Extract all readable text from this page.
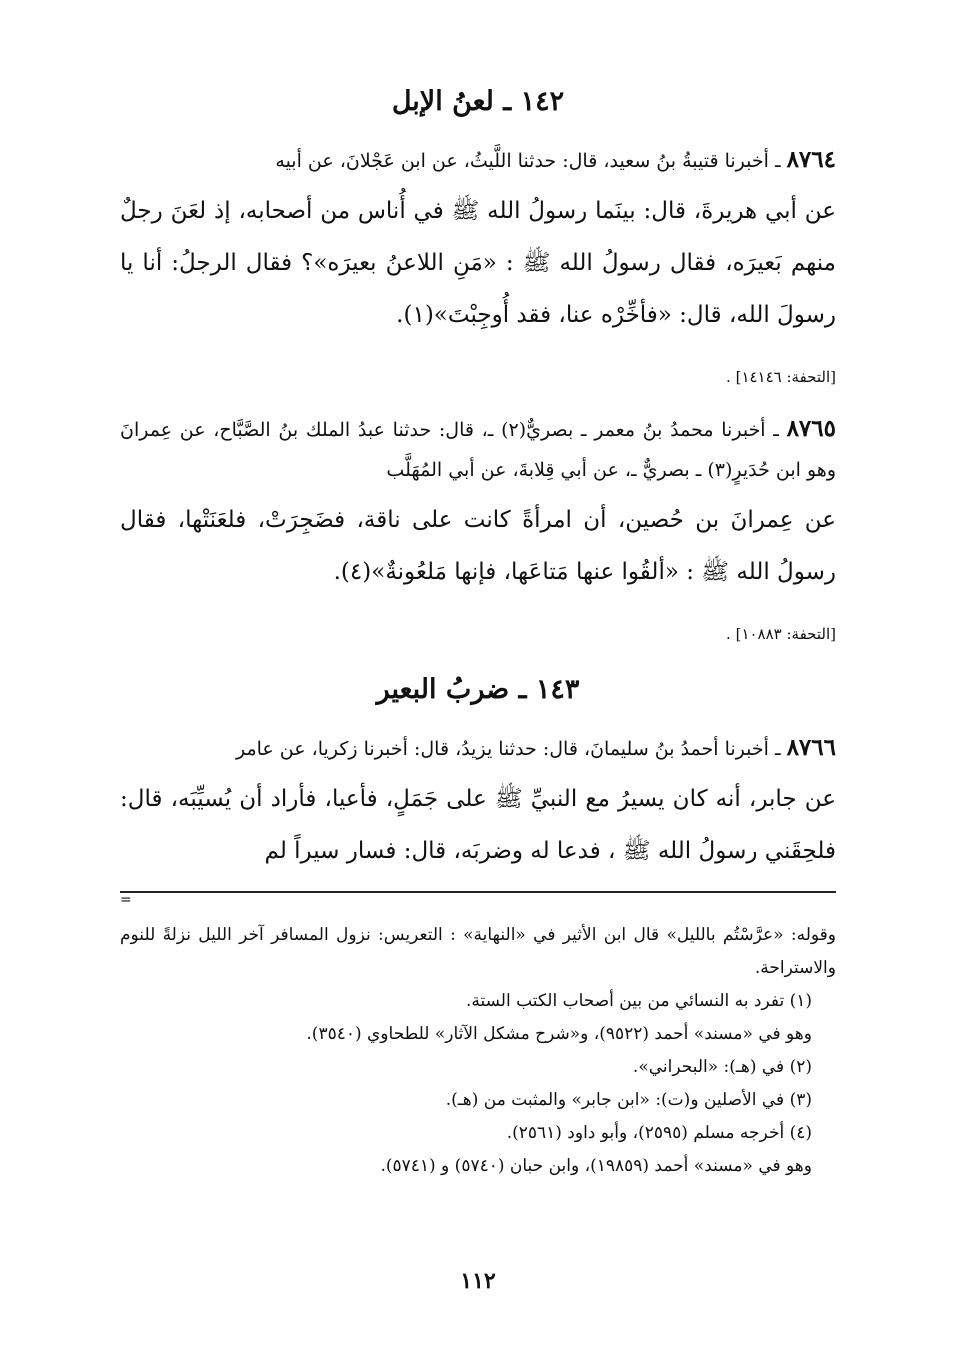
١٤٢ ـ لعنُ الإبل
٨٧٦٤ ـ أخبرنا قتيبةُ بنُ سعيد، قال: حدثنا اللَّيثُ، عن ابن عَجْلانَ، عن أبيه
عن أبي هريرةَ، قال: بينَما رسولُ الله ﷺ في أُناس من أصحابه، إذ لعَنَ رجلٌ منهم بَعيرَه، فقال رسولُ الله ﷺ : «مَنِ اللاعنُ بعيرَه»؟ فقال الرجلُ: أنا يا رسولَ الله، قال: «فأخِّرْه عنا، فقد أُوجِبْتَ»(١).
[التحفة: ١٤١٤٦] .
٨٧٦٥ ـ أخبرنا محمدُ بنُ معمر ـ بصريٌّ(٢) ـ، قال: حدثنا عبدُ الملك بنُ الصَّبَّاح، عن عِمرانَ وهو ابن حُدَيرٍ(٣) ـ بصريٌّ ـ، عن أبي قِلابةَ، عن أبي المُهَلَّب
عن عِمرانَ بن حُصين، أن امرأةً كانت على ناقة، فضَجِرَتْ، فلعَنَتْها، فقال رسولُ الله ﷺ : «ألقُوا عنها مَتاعَها، فإنها مَلعُونةٌ»(٤).
[التحفة: ١٠٨٨٣] .
١٤٣ ـ ضربُ البعير
٨٧٦٦ ـ أخبرنا أحمدُ بنُ سليمانَ، قال: حدثنا يزيدُ، قال: أخبرنا زكريا، عن عامر
عن جابر، أنه كان يسيرُ مع النبيِّ ﷺ على جَمَلٍ، فأعيا، فأراد أن يُسيِّبَه، قال: فلحِقَني رسولُ الله ﷺ ، فدعا له وضربَه، قال: فسار سيراً لم
=

وقوله: «عرَّسْتُم بالليل» قال ابن الأثير في «النهاية» : التعريس: نزول المسافر آخر الليل نزلةً للنوم والاستراحة.

(١) تفرد به النسائي من بين أصحاب الكتب الستة.

وهو في «مسند» أحمد (٩٥٢٢)، و«شرح مشكل الآثار» للطحاوي (٣٥٤٠).

(٢) في (هـ): «البحراني».

(٣) في الأصلين و(ت): «ابن جابر» والمثبت من (هـ).

(٤) أخرجه مسلم (٢٥٩٥)، وأبو داود (٢٥٦١).

وهو في «مسند» أحمد (١٩٨٥٩)، وابن حبان (٥٧٤٠) و (٥٧٤١).

١١٢
